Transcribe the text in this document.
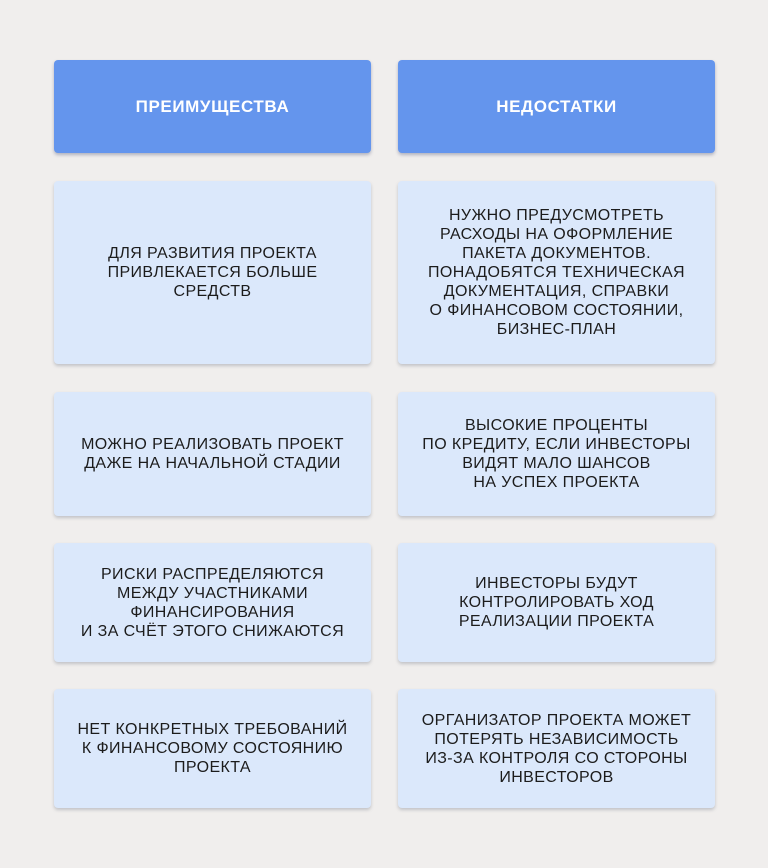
ПРЕИМУЩЕСТВА	НЕДОСТАТКИ
ДЛЯ РАЗВИТИЯ ПРОЕКТА
ПРИВЛЕКАЕТСЯ БОЛЬШЕ
СРЕДСТВ
НУЖНО ПРЕДУСМОТРЕТЬ
РАСХОДЫ НА ОФОРМЛЕНИЕ
ПАКЕТА ДОКУМЕНТОВ.
ПОНАДОБЯТСЯ ТЕХНИЧЕСКАЯ
ДОКУМЕНТАЦИЯ, СПРАВКИ
О ФИНАНСОВОМ СОСТОЯНИИ,
БИЗНЕС-ПЛАН
МОЖНО РЕАЛИЗОВАТЬ ПРОЕКТ
ДАЖЕ НА НАЧАЛЬНОЙ СТАДИИ
ВЫСОКИЕ ПРОЦЕНТЫ
ПО КРЕДИТУ, ЕСЛИ ИНВЕСТОРЫ
ВИДЯТ МАЛО ШАНСОВ
НА УСПЕХ ПРОЕКТА
РИСКИ РАСПРЕДЕЛЯЮТСЯ
МЕЖДУ УЧАСТНИКАМИ
ФИНАНСИРОВАНИЯ
И ЗА СЧЁТ ЭТОГО СНИЖАЮТСЯ
ИНВЕСТОРЫ БУДУТ
КОНТРОЛИРОВАТЬ ХОД
РЕАЛИЗАЦИИ ПРОЕКТА
НЕТ КОНКРЕТНЫХ ТРЕБОВАНИЙ
К ФИНАНСОВОМУ СОСТОЯНИЮ
ПРОЕКТА
ОРГАНИЗАТОР ПРОЕКТА МОЖЕТ
ПОТЕРЯТЬ НЕЗАВИСИМОСТЬ
ИЗ-ЗА КОНТРОЛЯ СО СТОРОНЫ
ИНВЕСТОРОВ
